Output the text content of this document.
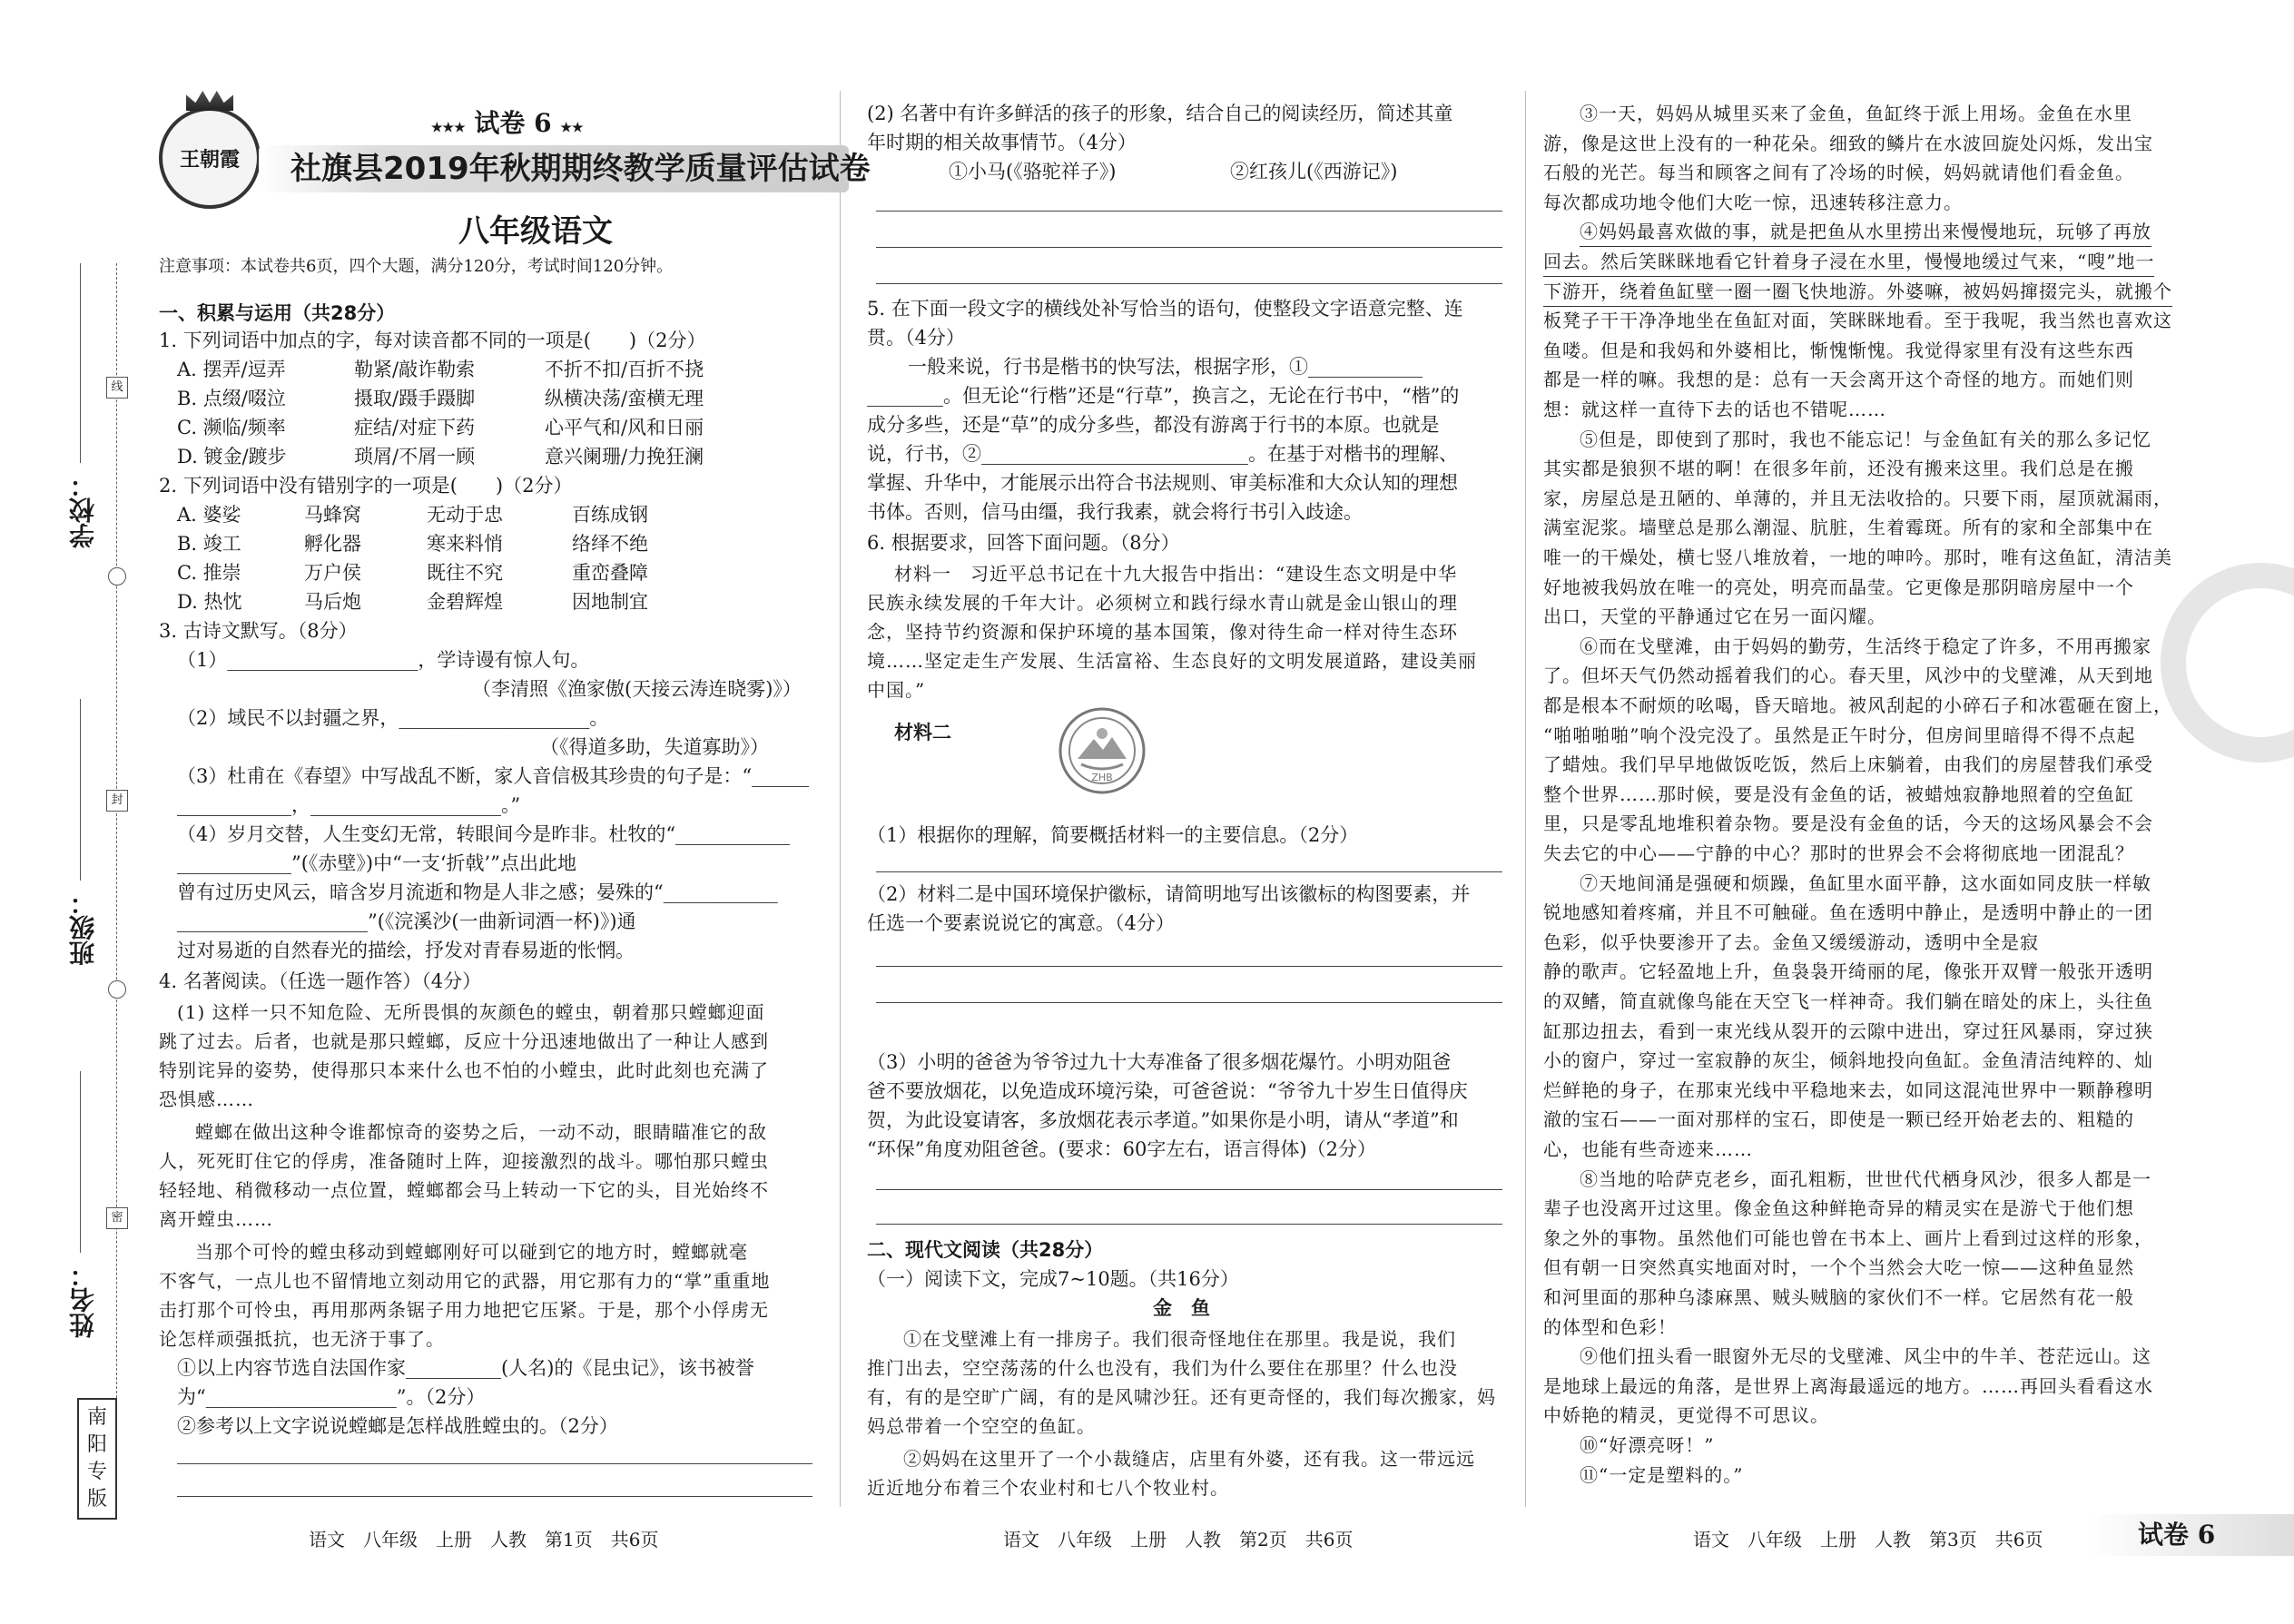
学校：
班级：
姓名：
线
封
密
南
阳
专
版
王朝霞
★★★ 试卷 6 ★★
社旗县2019年秋期期终教学质量评估试卷
八年级语文
注意事项：本试卷共6页，四个大题，满分120分，考试时间120分钟。
一、积累与运用（共28分）
1. 下列词语中加点的字，每对读音都不同的一项是(　　)（2分）
A. 摆弄/逗弄	勒紧/敲诈勒索	不折不扣/百折不挠
B. 点缀/啜泣	摄取/蹑手蹑脚	纵横决荡/蛮横无理
C. 濒临/频率	症结/对症下药	心平气和/风和日丽
D. 镀金/踱步	琐屑/不屑一顾	意兴阑珊/力挽狂澜
2. 下列词语中没有错别字的一项是(　　)（2分）
A. 婆娑	马蜂窝	无动于忠	百练成钢
B. 竣工	孵化器	寒来料悄	络绎不绝
C. 推崇	万户侯	既往不究	重峦叠障
D. 热忱	马后炮	金碧辉煌	因地制宜
3. 古诗文默写。（8分）
（1）____________________，学诗谩有惊人句。
（李清照《渔家傲(天接云涛连晓雾)》）
（2）域民不以封疆之界，____________________。
（《得道多助，失道寡助》）
（3）杜甫在《春望》中写战乱不断，家人音信极其珍贵的句子是：“______
____________，____________________。”
（4）岁月交替，人生变幻无常，转眼间今是昨非。杜牧的“____________
____________”(《赤壁》)中“一支‘折戟’”点出此地
曾有过历史风云，暗含岁月流逝和物是人非之感；晏殊的“____________
____________________”(《浣溪沙(一曲新词酒一杯)》)通
过对易逝的自然春光的描绘，抒发对青春易逝的怅惘。
4. 名著阅读。（任选一题作答）（4分）
(1) 这样一只不知危险、无所畏惧的灰颜色的螳虫，朝着那只螳螂迎面
跳了过去。后者，也就是那只螳螂，反应十分迅速地做出了一种让人感到
特别诧异的姿势，使得那只本来什么也不怕的小螳虫，此时此刻也充满了
恐惧感……
螳螂在做出这种令谁都惊奇的姿势之后，一动不动，眼睛瞄准它的敌
人，死死盯住它的俘虏，准备随时上阵，迎接激烈的战斗。哪怕那只螳虫
轻轻地、稍微移动一点位置，螳螂都会马上转动一下它的头，目光始终不
离开螳虫……
当那个可怜的螳虫移动到螳螂刚好可以碰到它的地方时，螳螂就毫
不客气，一点儿也不留情地立刻动用它的武器，用它那有力的“掌”重重地
击打那个可怜虫，再用那两条锯子用力地把它压紧。于是，那个小俘虏无
论怎样顽强抵抗，也无济于事了。
①以上内容节选自法国作家__________(人名)的《昆虫记》，该书被誉
为“____________________”。（2分）
②参考以上文字说说螳螂是怎样战胜螳虫的。（2分）
(2) 名著中有许多鲜活的孩子的形象，结合自己的阅读经历，简述其童
年时期的相关故事情节。（4分）
①小马(《骆驼祥子》)	②红孩儿(《西游记》)
5. 在下面一段文字的横线处补写恰当的语句，使整段文字语意完整、连
贯。（4分）
一般来说，行书是楷书的快写法，根据字形，①____________
________。但无论“行楷”还是“行草”，换言之，无论在行书中，“楷”的
成分多些，还是“草”的成分多些，都没有游离于行书的本原。也就是
说，行书，②____________________________。在基于对楷书的理解、
掌握、升华中，才能展示出符合书法规则、审美标准和大众认知的理想
书体。否则，信马由缰，我行我素，就会将行书引入歧途。
6. 根据要求，回答下面问题。（8分）
材料一　习近平总书记在十九大报告中指出：“建设生态文明是中华
民族永续发展的千年大计。必须树立和践行绿水青山就是金山银山的理
念，坚持节约资源和保护环境的基本国策，像对待生命一样对待生态环
境……坚定走生产发展、生活富裕、生态良好的文明发展道路，建设美丽
中国。”
材料二
ZHB
（1）根据你的理解，简要概括材料一的主要信息。（2分）
（2）材料二是中国环境保护徽标，请简明地写出该徽标的构图要素，并
任选一个要素说说它的寓意。（4分）
（3）小明的爸爸为爷爷过九十大寿准备了很多烟花爆竹。小明劝阻爸
爸不要放烟花，以免造成环境污染，可爸爸说：“爷爷九十岁生日值得庆
贺，为此设宴请客，多放烟花表示孝道。”如果你是小明，请从“孝道”和
“环保”角度劝阻爸爸。(要求：60字左右，语言得体)（2分）
二、现代文阅读（共28分）
（一）阅读下文，完成7~10题。（共16分）
金　鱼
①在戈壁滩上有一排房子。我们很奇怪地住在那里。我是说，我们
推门出去，空空荡荡的什么也没有，我们为什么要住在那里？什么也没
有，有的是空旷广阔，有的是风啸沙狂。还有更奇怪的，我们每次搬家，妈
妈总带着一个空空的鱼缸。
②妈妈在这里开了一个小裁缝店，店里有外婆，还有我。这一带远远
近近地分布着三个农业村和七八个牧业村。
③一天，妈妈从城里买来了金鱼，鱼缸终于派上用场。金鱼在水里
游，像是这世上没有的一种花朵。细致的鳞片在水波回旋处闪烁，发出宝
石般的光芒。每当和顾客之间有了冷场的时候，妈妈就请他们看金鱼。
每次都成功地令他们大吃一惊，迅速转移注意力。
④妈妈最喜欢做的事，就是把鱼从水里捞出来慢慢地玩，玩够了再放
回去。然后笑眯眯地看它针着身子浸在水里，慢慢地缓过气来，“嗖”地一
下游开，绕着鱼缸壁一圈一圈飞快地游。外婆嘛，被妈妈撺掇完头，就搬个
板凳子干干净净地坐在鱼缸对面，笑眯眯地看。至于我呢，我当然也喜欢这
鱼喽。但是和我妈和外婆相比，惭愧惭愧。我觉得家里有没有这些东西
都是一样的嘛。我想的是：总有一天会离开这个奇怪的地方。而她们则
想：就这样一直待下去的话也不错呢……
⑤但是，即使到了那时，我也不能忘记！与金鱼缸有关的那么多记忆
其实都是狼狈不堪的啊！在很多年前，还没有搬来这里。我们总是在搬
家，房屋总是丑陋的、单薄的，并且无法收拾的。只要下雨，屋顶就漏雨，
满室泥浆。墙壁总是那么潮湿、肮脏，生着霉斑。所有的家和全部集中在
唯一的干燥处，横七竖八堆放着，一地的呻吟。那时，唯有这鱼缸，清洁美
好地被我妈放在唯一的亮处，明亮而晶莹。它更像是那阴暗房屋中一个
出口，天堂的平静通过它在另一面闪耀。
⑥而在戈壁滩，由于妈妈的勤劳，生活终于稳定了许多，不用再搬家
了。但坏天气仍然动摇着我们的心。春天里，风沙中的戈壁滩，从天到地
都是根本不耐烦的吆喝，昏天暗地。被风刮起的小碎石子和冰雹砸在窗上，
“啪啪啪啪”响个没完没了。虽然是正午时分，但房间里暗得不得不点起
了蜡烛。我们早早地做饭吃饭，然后上床躺着，由我们的房屋替我们承受
整个世界……那时候，要是没有金鱼的话，被蜡烛寂静地照着的空鱼缸
里，只是零乱地堆积着杂物。要是没有金鱼的话，今天的这场风暴会不会
失去它的中心——宁静的中心？那时的世界会不会将彻底地一团混乱？
⑦天地间涌是强硬和烦躁，鱼缸里水面平静，这水面如同皮肤一样敏
锐地感知着疼痛，并且不可触碰。鱼在透明中静止，是透明中静止的一团
色彩，似乎快要渗开了去。金鱼又缓缓游动，透明中全是寂
静的歌声。它轻盈地上升，鱼袅袅开绮丽的尾，像张开双臂一般张开透明
的双鳍，简直就像鸟能在天空飞一样神奇。我们躺在暗处的床上，头往鱼
缸那边扭去，看到一束光线从裂开的云隙中进出，穿过狂风暴雨，穿过狭
小的窗户，穿过一室寂静的灰尘，倾斜地投向鱼缸。金鱼清洁纯粹的、灿
烂鲜艳的身子，在那束光线中平稳地来去，如同这混沌世界中一颗静穆明
澈的宝石——一面对那样的宝石，即使是一颗已经开始老去的、粗糙的
心，也能有些奇迹来……
⑧当地的哈萨克老乡，面孔粗粝，世世代代栖身风沙，很多人都是一
辈子也没离开过这里。像金鱼这种鲜艳奇异的精灵实在是游弋于他们想
象之外的事物。虽然他们可能也曾在书本上、画片上看到过这样的形象，
但有朝一日突然真实地面对时，一个个当然会大吃一惊——这种鱼显然
和河里面的那种乌漆麻黑、贼头贼脑的家伙们不一样。它居然有花一般
的体型和色彩！
⑨他们扭头看一眼窗外无尽的戈壁滩、风尘中的牛羊、苍茫远山。这
是地球上最远的角落，是世界上离海最遥远的地方。……再回头看看这水
中娇艳的精灵，更觉得不可思议。
⑩“好漂亮呀！”
⑪“一定是塑料的。”
语文　八年级　上册　人教　第1页　共6页	语文　八年级　上册　人教　第2页　共6页	语文　八年级　上册　人教　第3页　共6页	试卷 6
